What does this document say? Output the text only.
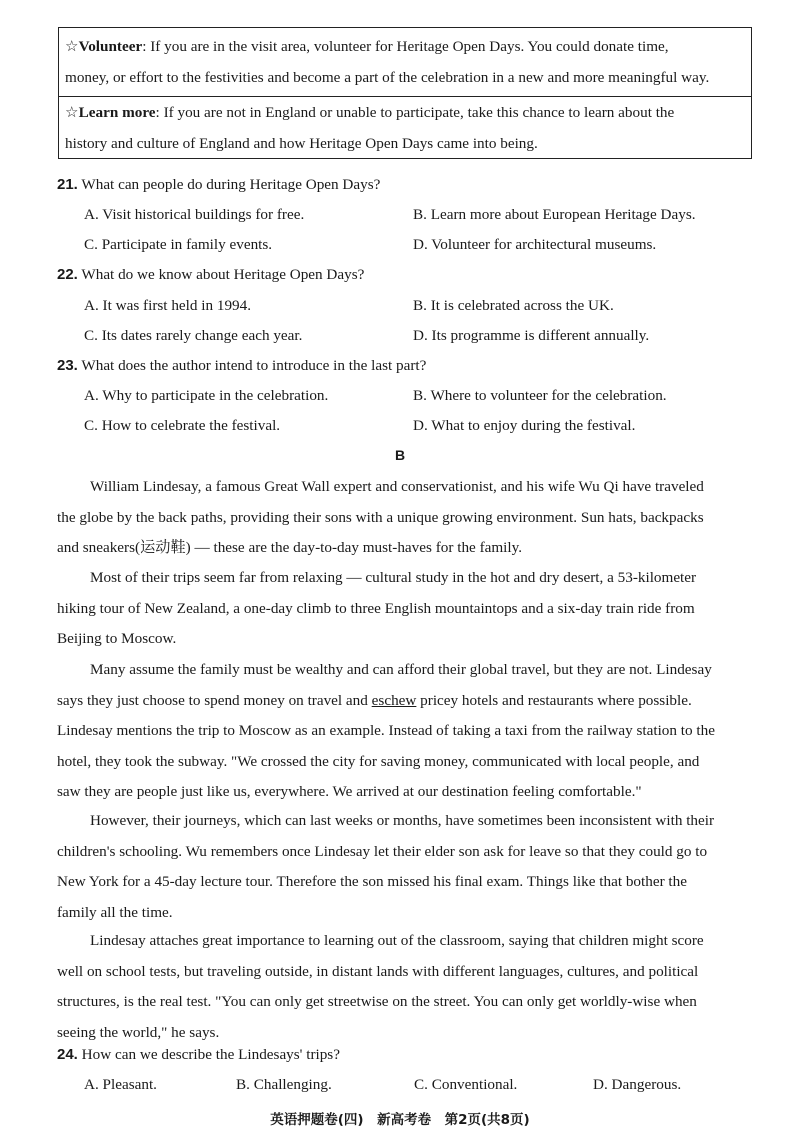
☆Volunteer: If you are in the visit area, volunteer for Heritage Open Days. You could donate time,
money, or effort to the festivities and become a part of the celebration in a new and more meaningful way.
☆Learn more: If you are not in England or unable to participate, take this chance to learn about the
history and culture of England and how Heritage Open Days came into being.
21. What can people do during Heritage Open Days?
A. Visit historical buildings for free.	B. Learn more about European Heritage Days.
C. Participate in family events.	D. Volunteer for architectural museums.
22. What do we know about Heritage Open Days?
A. It was first held in 1994.	B. It is celebrated across the UK.
C. Its dates rarely change each year.	D. Its programme is different annually.
23. What does the author intend to introduce in the last part?
A. Why to participate in the celebration.	B. Where to volunteer for the celebration.
C. How to celebrate the festival.	D. What to enjoy during the festival.
B
William Lindesay, a famous Great Wall expert and conservationist, and his wife Wu Qi have traveled
the globe by the back paths, providing their sons with a unique growing environment. Sun hats, backpacks
and sneakers(运动鞋) — these are the day-to-day must-haves for the family.
Most of their trips seem far from relaxing — cultural study in the hot and dry desert, a 53-kilometer
hiking tour of New Zealand, a one-day climb to three English mountaintops and a six-day train ride from
Beijing to Moscow.
Many assume the family must be wealthy and can afford their global travel, but they are not. Lindesay
says they just choose to spend money on travel and eschew pricey hotels and restaurants where possible.
Lindesay mentions the trip to Moscow as an example. Instead of taking a taxi from the railway station to the
hotel, they took the subway. "We crossed the city for saving money, communicated with local people, and
saw they are people just like us, everywhere. We arrived at our destination feeling comfortable."
However, their journeys, which can last weeks or months, have sometimes been inconsistent with their
children's schooling. Wu remembers once Lindesay let their elder son ask for leave so that they could go to
New York for a 45-day lecture tour. Therefore the son missed his final exam. Things like that bother the
family all the time.
Lindesay attaches great importance to learning out of the classroom, saying that children might score
well on school tests, but traveling outside, in distant lands with different languages, cultures, and political
structures, is the real test. "You can only get streetwise on the street. You can only get worldly-wise when
seeing the world," he says.
24. How can we describe the Lindesays' trips?
A. Pleasant.	B. Challenging.	C. Conventional.	D. Dangerous.
英语押题卷(四)　新高考卷　第2页(共8页)
